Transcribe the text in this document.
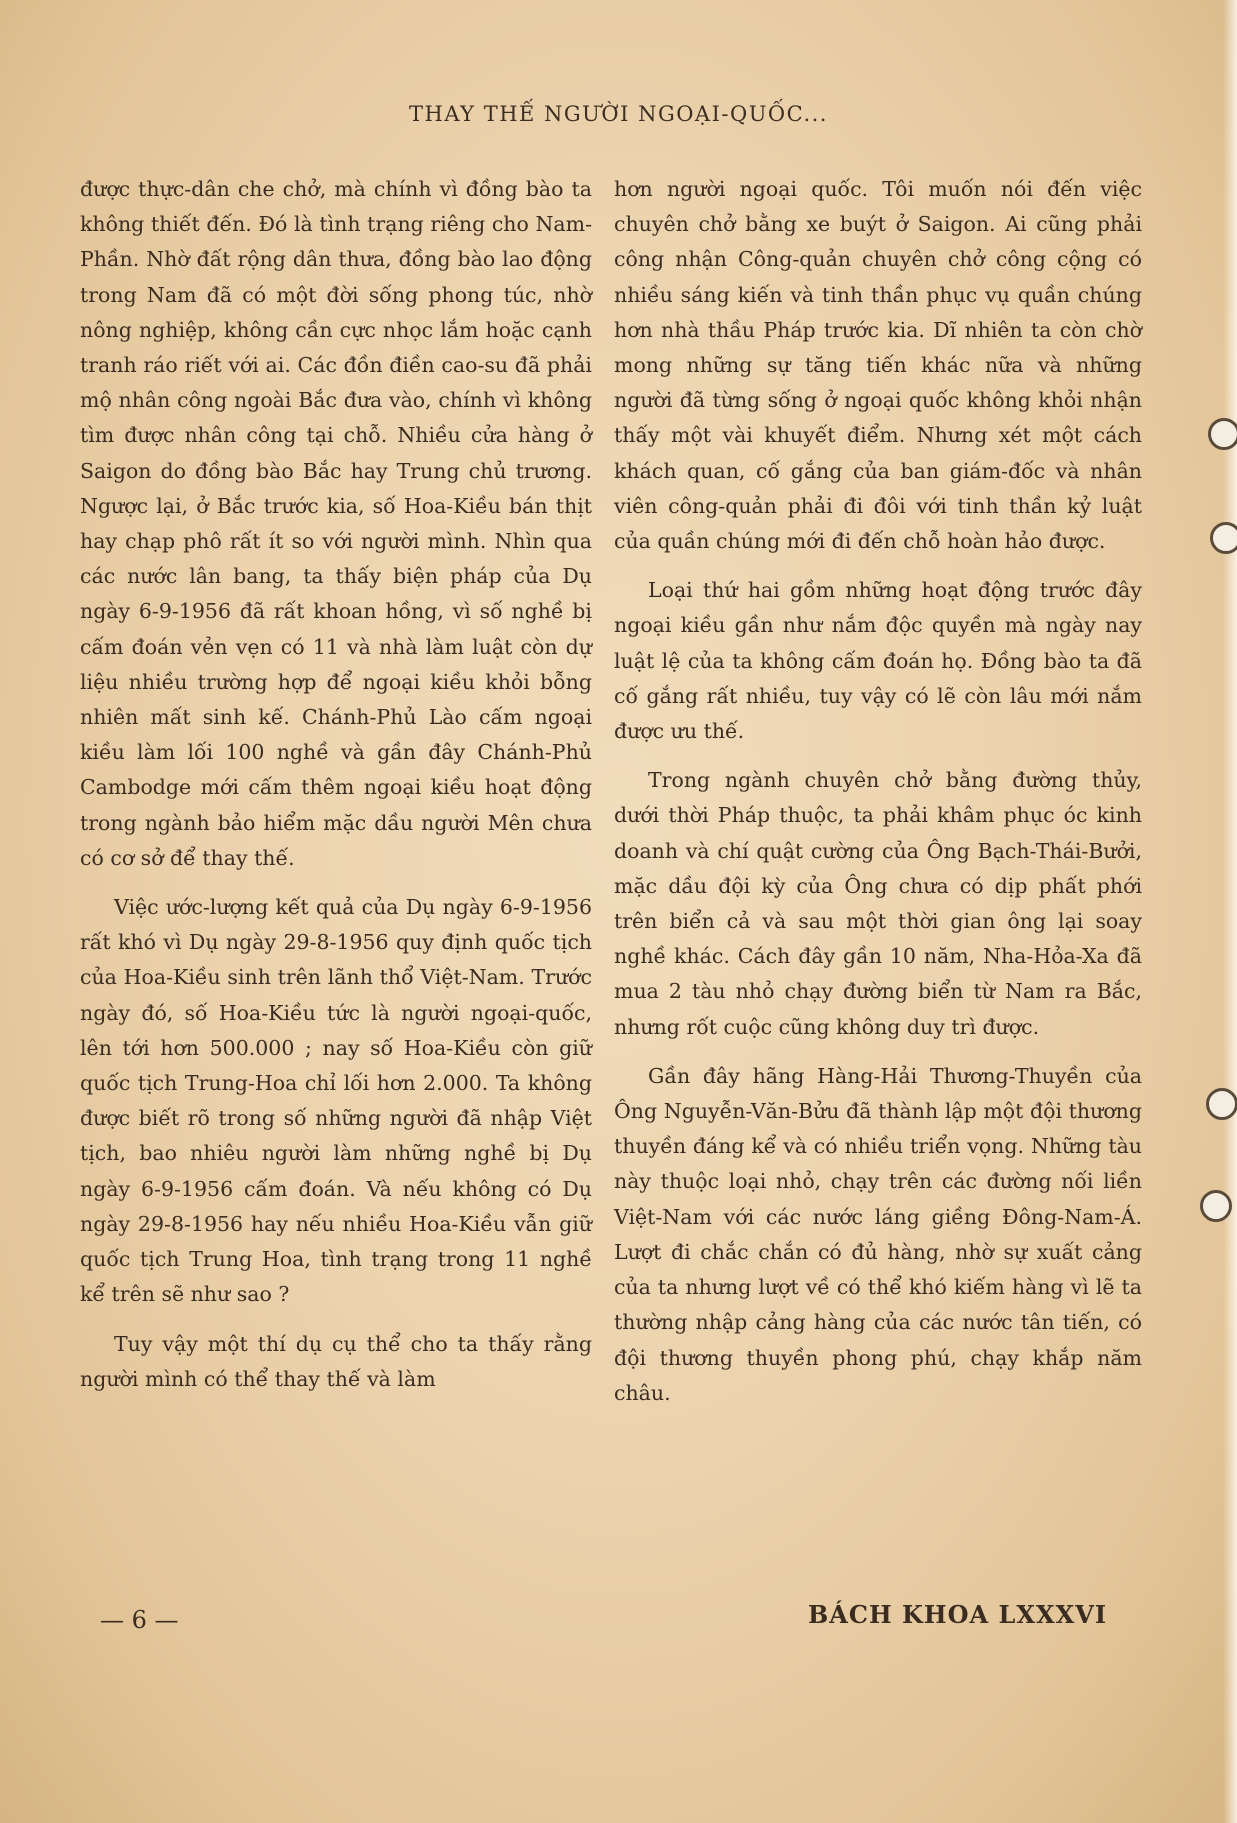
THAY THẾ NGƯỜI NGOẠI-QUỐC...

được thực-dân che chở, mà chính vì đồng bào ta không thiết đến. Đó là tình trạng riêng cho Nam-Phần. Nhờ đất rộng dân thưa, đồng bào lao động trong Nam đã có một đời sống phong túc, nhờ nông nghiệp, không cần cực nhọc lắm hoặc cạnh tranh ráo riết với ai. Các đồn điền cao-su đã phải mộ nhân công ngoài Bắc đưa vào, chính vì không tìm được nhân công tại chỗ. Nhiều cửa hàng ở Saigon do đồng bào Bắc hay Trung chủ trương. Ngược lại, ở Bắc trước kia, số Hoa-Kiều bán thịt hay chạp phô rất ít so với người mình. Nhìn qua các nước lân bang, ta thấy biện pháp của Dụ ngày 6-9-1956 đã rất khoan hồng, vì số nghề bị cấm đoán vẻn vẹn có 11 và nhà làm luật còn dự liệu nhiều trường hợp để ngoại kiều khỏi bỗng nhiên mất sinh kế. Chánh-Phủ Lào cấm ngoại kiều làm lối 100 nghề và gần đây Chánh-Phủ Cambodge mới cấm thêm ngoại kiều hoạt động trong ngành bảo hiểm mặc dầu người Mên chưa có cơ sở để thay thế.

Việc ước-lượng kết quả của Dụ ngày 6-9-1956 rất khó vì Dụ ngày 29-8-1956 quy định quốc tịch của Hoa-Kiều sinh trên lãnh thổ Việt-Nam. Trước ngày đó, số Hoa-Kiều tức là người ngoại-quốc, lên tới hơn 500.000 ; nay số Hoa-Kiều còn giữ quốc tịch Trung-Hoa chỉ lối hơn 2.000. Ta không được biết rõ trong số những người đã nhập Việt tịch, bao nhiêu người làm những nghề bị Dụ ngày 6-9-1956 cấm đoán. Và nếu không có Dụ ngày 29-8-1956 hay nếu nhiều Hoa-Kiều vẫn giữ quốc tịch Trung Hoa, tình trạng trong 11 nghề kể trên sẽ như sao ?

Tuy vậy một thí dụ cụ thể cho ta thấy rằng người mình có thể thay thế và làm

hơn người ngoại quốc. Tôi muốn nói đến việc chuyên chở bằng xe buýt ở Saigon. Ai cũng phải công nhận Công-quản chuyên chở công cộng có nhiều sáng kiến và tinh thần phục vụ quần chúng hơn nhà thầu Pháp trước kia. Dĩ nhiên ta còn chờ mong những sự tăng tiến khác nữa và những người đã từng sống ở ngoại quốc không khỏi nhận thấy một vài khuyết điểm. Nhưng xét một cách khách quan, cố gắng của ban giám-đốc và nhân viên công-quản phải đi đôi với tinh thần kỷ luật của quần chúng mới đi đến chỗ hoàn hảo được.

Loại thứ hai gồm những hoạt động trước đây ngoại kiều gần như nắm độc quyền mà ngày nay luật lệ của ta không cấm đoán họ. Đồng bào ta đã cố gắng rất nhiều, tuy vậy có lẽ còn lâu mới nắm được ưu thế.

Trong ngành chuyên chở bằng đường thủy, dưới thời Pháp thuộc, ta phải khâm phục óc kinh doanh và chí quật cường của Ông Bạch-Thái-Bưởi, mặc dầu đội kỳ của Ông chưa có dịp phất phới trên biển cả và sau một thời gian ông lại soay nghề khác. Cách đây gần 10 năm, Nha-Hỏa-Xa đã mua 2 tàu nhỏ chạy đường biển từ Nam ra Bắc, nhưng rốt cuộc cũng không duy trì được.

Gần đây hãng Hàng-Hải Thương-Thuyền của Ông Nguyễn-Văn-Bửu đã thành lập một đội thương thuyền đáng kể và có nhiều triển vọng. Những tàu này thuộc loại nhỏ, chạy trên các đường nối liền Việt-Nam với các nước láng giềng Đông-Nam-Á. Lượt đi chắc chắn có đủ hàng, nhờ sự xuất cảng của ta nhưng lượt về có thể khó kiếm hàng vì lẽ ta thường nhập cảng hàng của các nước tân tiến, có đội thương thuyền phong phú, chạy khắp năm châu.

— 6 —	BÁCH KHOA LXXXVI
